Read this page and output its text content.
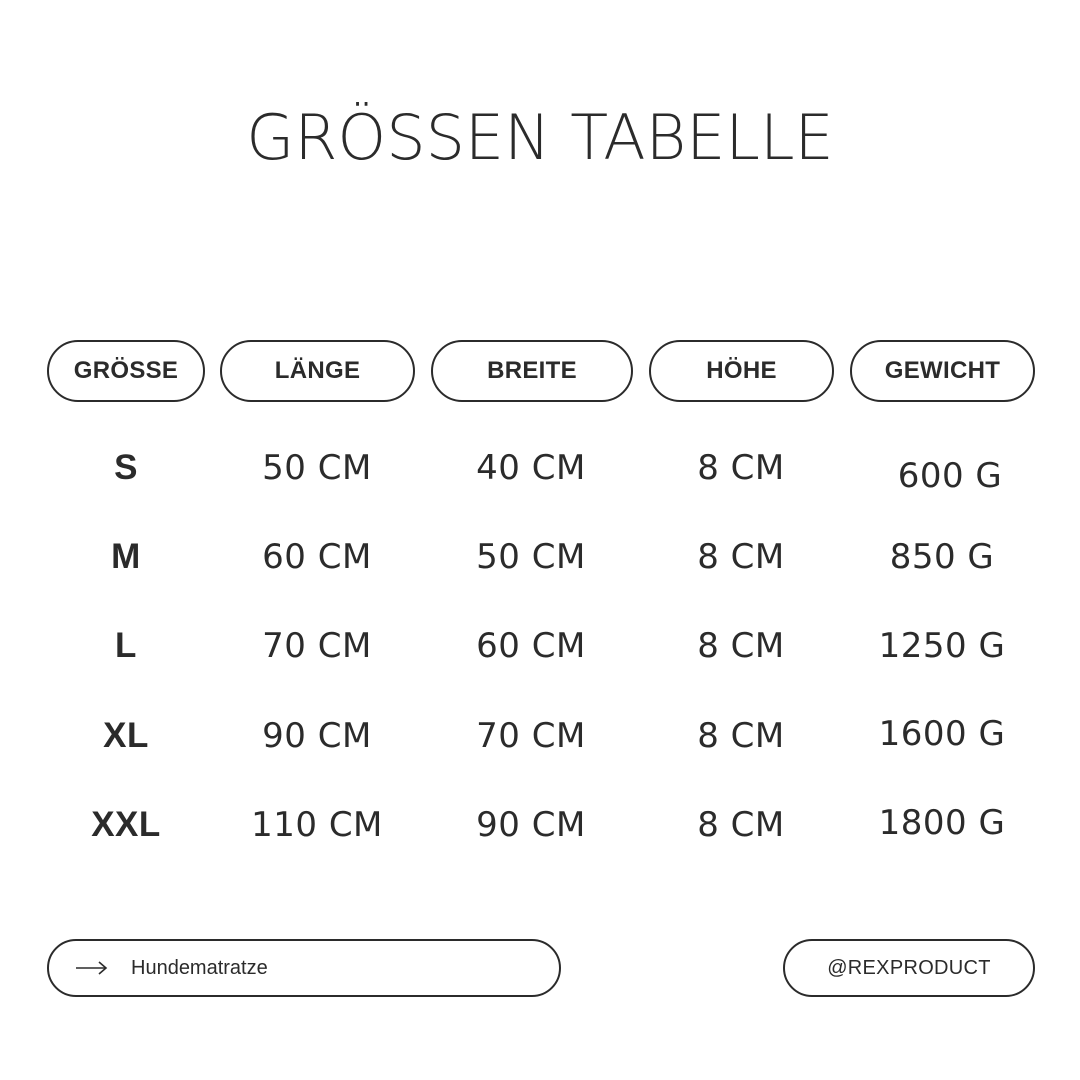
GRÖSSEN TABELLE
GRÖSSE	LÄNGE	BREITE	HÖHE	GEWICHT
S	50 CM	40 CM	8 CM	600 G
M	60 CM	50 CM	8 CM	850 G
L	70 CM	60 CM	8 CM	1250 G
XL	90 CM	70 CM	8 CM	1600 G
XXL	110 CM	90 CM	8 CM	1800 G
Hundematratze	@REXPRODUCT
